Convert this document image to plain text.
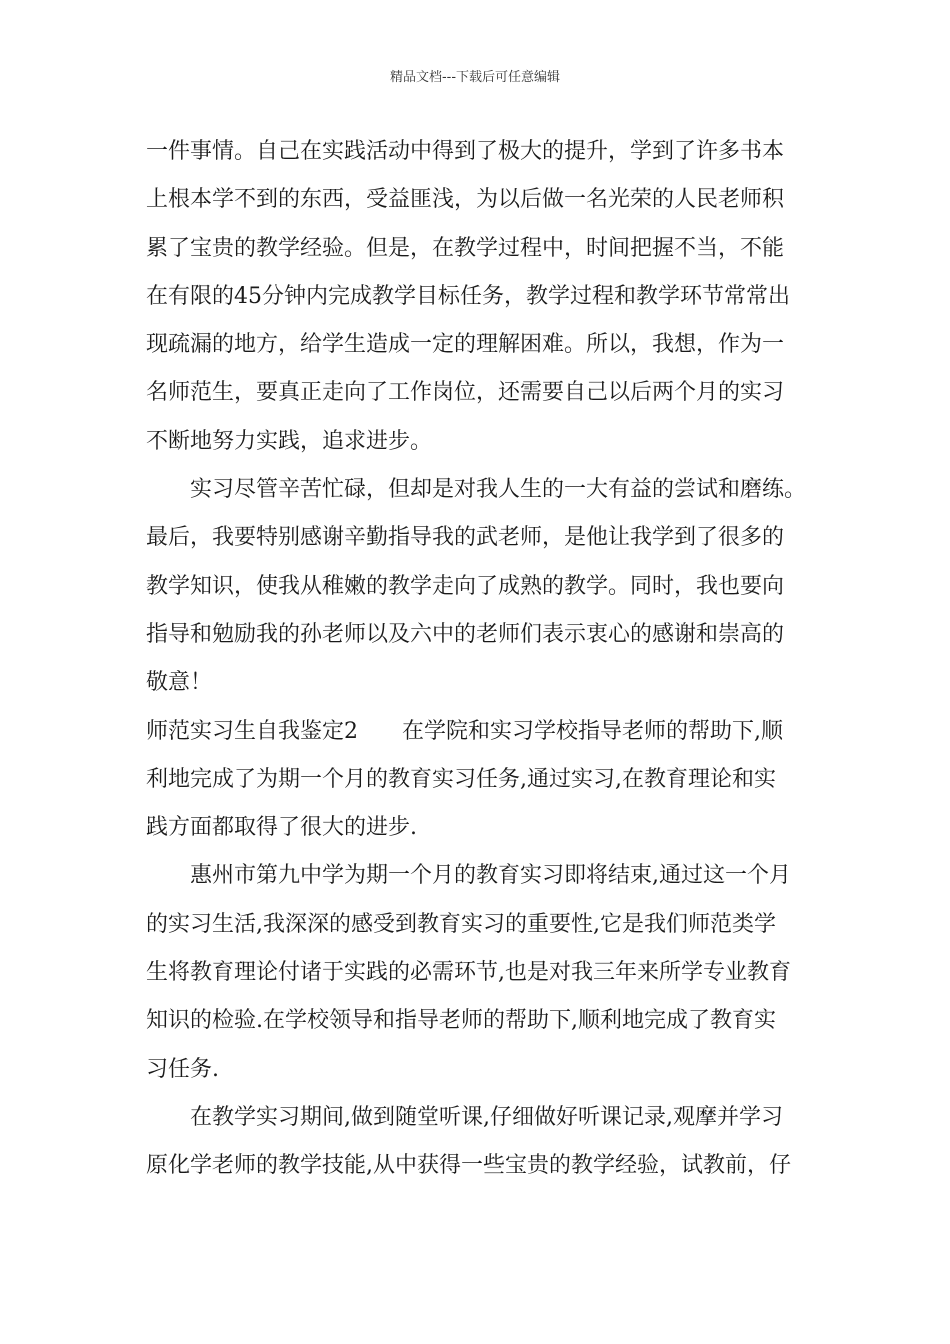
精品文档---下载后可任意编辑
一件事情。自己在实践活动中得到了极大的提升，学到了许多书本
上根本学不到的东西，受益匪浅，为以后做一名光荣的人民老师积
累了宝贵的教学经验。但是，在教学过程中，时间把握不当，不能
在有限的45分钟内完成教学目标任务，教学过程和教学环节常常出
现疏漏的地方，给学生造成一定的理解困难。所以，我想，作为一
名师范生，要真正走向了工作岗位，还需要自己以后两个月的实习
不断地努力实践，追求进步。
实习尽管辛苦忙碌，但却是对我人生的一大有益的尝试和磨练。
最后，我要特别感谢辛勤指导我的武老师，是他让我学到了很多的
教学知识，使我从稚嫩的教学走向了成熟的教学。同时，我也要向
指导和勉励我的孙老师以及六中的老师们表示衷心的感谢和崇高的
敬意！
师范实习生自我鉴定2　　在学院和实习学校指导老师的帮助下,顺
利地完成了为期一个月的教育实习任务,通过实习,在教育理论和实
践方面都取得了很大的进步.
惠州市第九中学为期一个月的教育实习即将结束,通过这一个月
的实习生活,我深深的感受到教育实习的重要性,它是我们师范类学
生将教育理论付诸于实践的必需环节,也是对我三年来所学专业教育
知识的检验.在学校领导和指导老师的帮助下,顺利地完成了教育实
习任务.
在教学实习期间,做到随堂听课,仔细做好听课记录,观摩并学习
原化学老师的教学技能,从中获得一些宝贵的教学经验，试教前，仔
